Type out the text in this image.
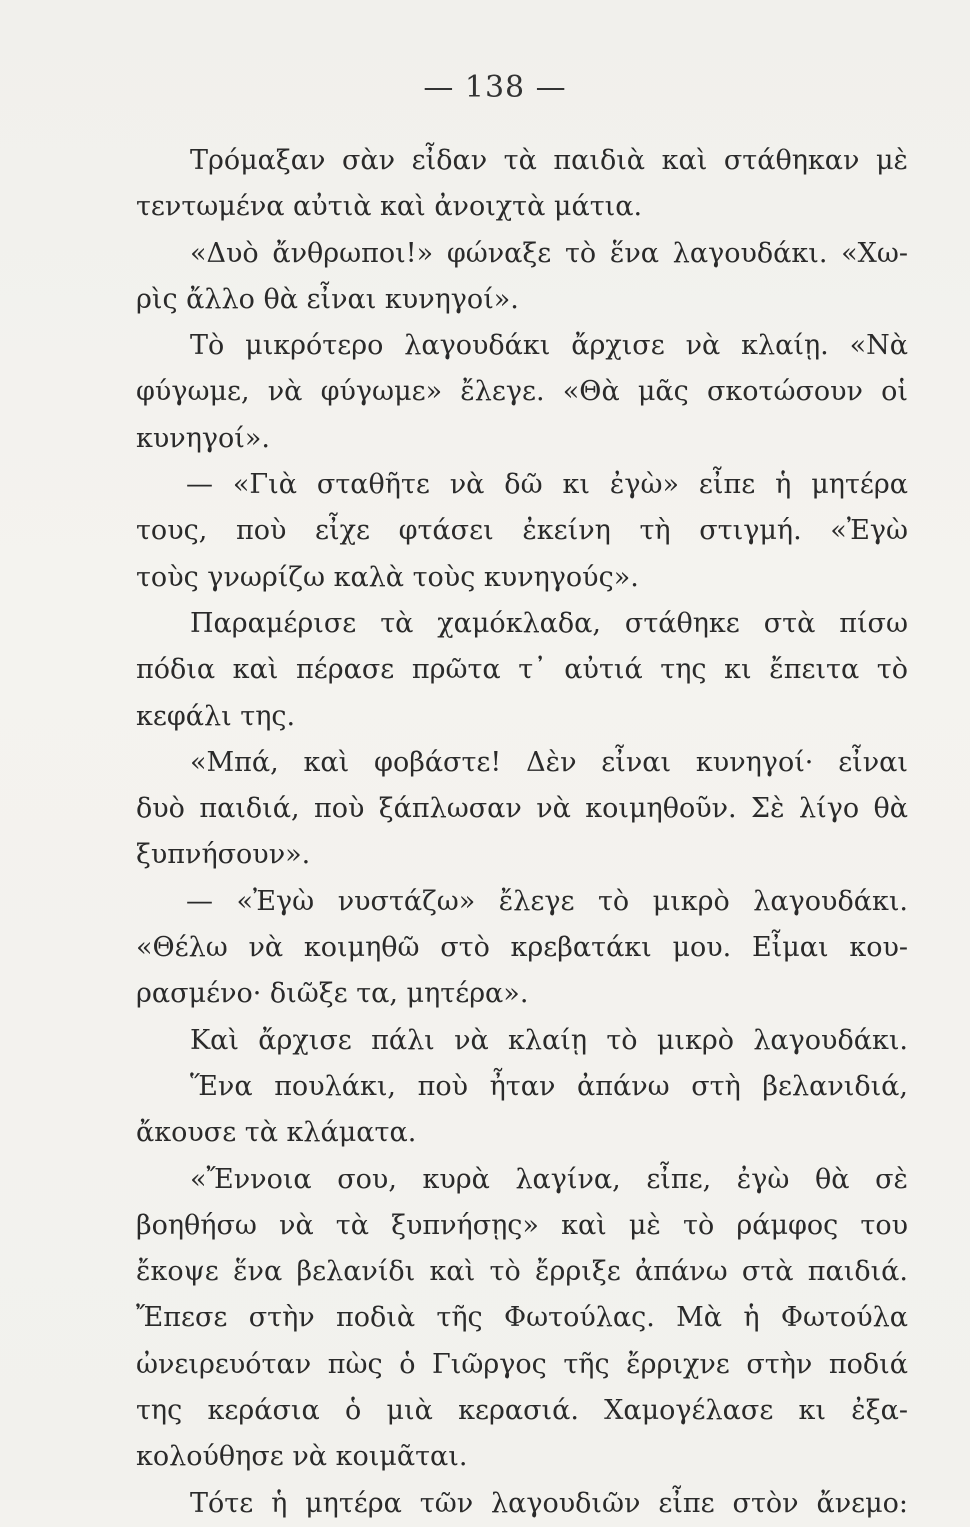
— 138 —
Τρόμαξαν σὰν εἶδαν τὰ παιδιὰ καὶ στάθηκαν μὲ
τεντωμένα αὐτιὰ καὶ ἀνοιχτὰ μάτια.
«Δυὸ ἄνθρωποι!» φώναξε τὸ ἕνα λαγουδάκι. «Χω-
ρὶς ἄλλο θὰ εἶναι κυνηγοί».
Τὸ μικρότερο λαγουδάκι ἄρχισε νὰ κλαίῃ. «Νὰ
φύγωμε, νὰ φύγωμε» ἔλεγε. «Θὰ μᾶς σκοτώσουν οἱ
κυνηγοί».
— «Γιὰ σταθῆτε νὰ δῶ κι ἐγὼ» εἶπε ἡ μητέρα
τους, ποὺ εἶχε φτάσει ἐκείνη τὴ στιγμή. «Ἐγὼ
τοὺς γνωρίζω καλὰ τοὺς κυνηγούς».
Παραμέρισε τὰ χαμόκλαδα, στάθηκε στὰ πίσω
πόδια καὶ πέρασε πρῶτα τ᾿ αὐτιά της κι ἔπειτα τὸ
κεφάλι της.
«Μπά, καὶ φοβάστε! Δὲν εἶναι κυνηγοί· εἶναι
δυὸ παιδιά, ποὺ ξάπλωσαν νὰ κοιμηθοῦν. Σὲ λίγο θὰ
ξυπνήσουν».
— «Ἐγὼ νυστάζω» ἔλεγε τὸ μικρὸ λαγουδάκι.
«Θέλω νὰ κοιμηθῶ στὸ κρεβατάκι μου. Εἶμαι κου-
ρασμένο· διῶξε τα, μητέρα».
Καὶ ἄρχισε πάλι νὰ κλαίῃ τὸ μικρὸ λαγουδάκι.
Ἕνα πουλάκι, ποὺ ἦταν ἀπάνω στὴ βελανιδιά,
ἄκουσε τὰ κλάματα.
«Ἔννοια σου, κυρὰ λαγίνα, εἶπε, ἐγὼ θὰ σὲ
βοηθήσω νὰ τὰ ξυπνήσῃς» καὶ μὲ τὸ ράμφος του
ἔκοψε ἕνα βελανίδι καὶ τὸ ἔρριξε ἀπάνω στὰ παιδιά.
Ἔπεσε στὴν ποδιὰ τῆς Φωτούλας. Μὰ ἡ Φωτούλα
ὠνειρευόταν πὼς ὁ Γιῶργος τῆς ἔρριχνε στὴν ποδιά
της κεράσια ὁ μιὰ κερασιά. Χαμογέλασε κι ἐξα-
κολούθησε νὰ κοιμᾶται.
Τότε ἡ μητέρα τῶν λαγουδιῶν εἶπε στὸν ἄνεμο:
